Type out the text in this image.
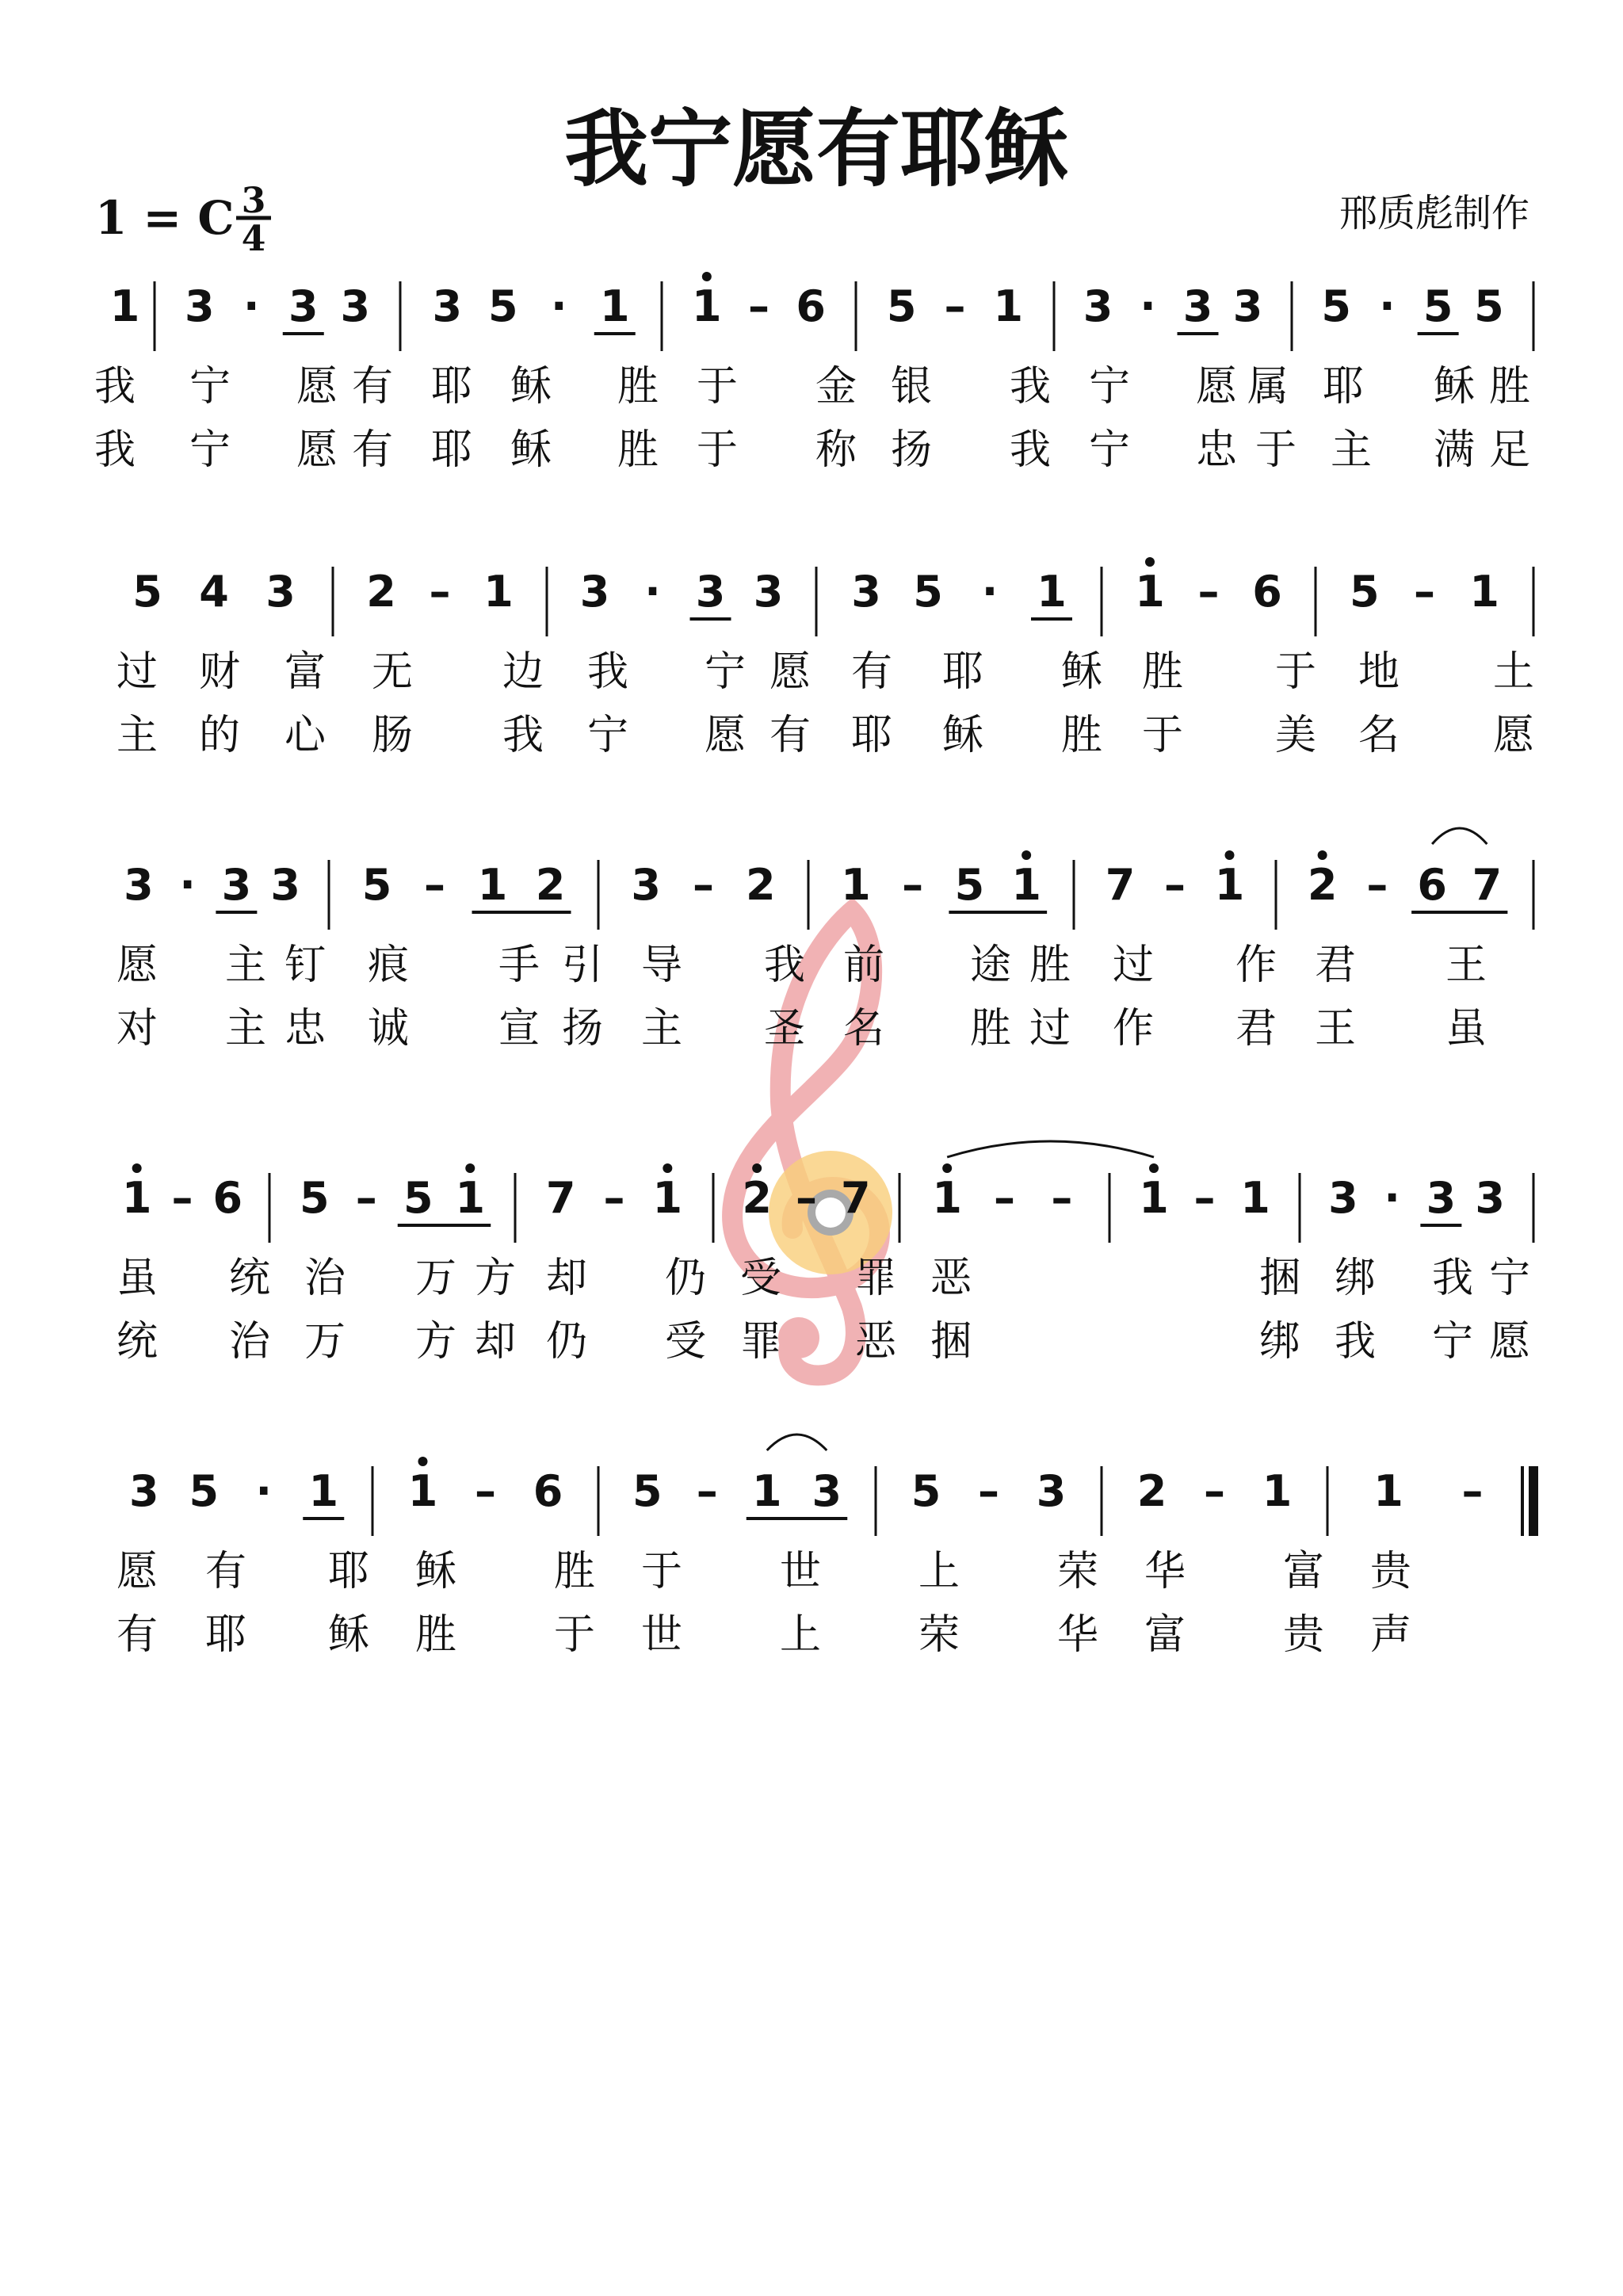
我宁愿有耶稣
1 = C 3
4
邢质彪制作
1 3 · 3 3 3 5 · 1 1 – 6 5 – 1 3 · 3 3 5 · 5 5
我 宁 愿 有 耶 稣 胜 于 金 银 我 宁 愿 属 耶 稣 胜
我 宁 愿 有 耶 稣 胜 于 称 扬 我 宁 忠 于 主 满 足
5 4 3 2 – 1 3 · 3 3 3 5 · 1 1 – 6 5 – 1
过 财 富 无 边 我 宁 愿 有 耶 稣 胜 于 地 土
主 的 心 肠 我 宁 愿 有 耶 稣 胜 于 美 名 愿
3 · 3 3 5 – 1 2 3 – 2 1 – 5 1 7 – 1 2 – 6 7
愿 主 钉 痕 手 引 导 我 前 途 胜 过 作 君 王
对 主 忠 诚 宣 扬 主 圣 名 胜 过 作 君 王 虽
1 – 6 5 – 5 1 7 – 1 2 – 7 1 – – 1 – 1 3 · 3 3
虽 统 治 万 方 却 仍 受 罪 恶	捆 绑 我 宁
统 治 万 方 却 仍 受 罪 恶 捆	绑 我 宁 愿
3 5 · 1 1 – 6 5 – 1 3 5 – 3 2 – 1 1 –
愿 有 耶 稣 胜 于 世 上 荣 华 富 贵
有 耶 稣 胜 于 世 上 荣 华 富 贵 声
